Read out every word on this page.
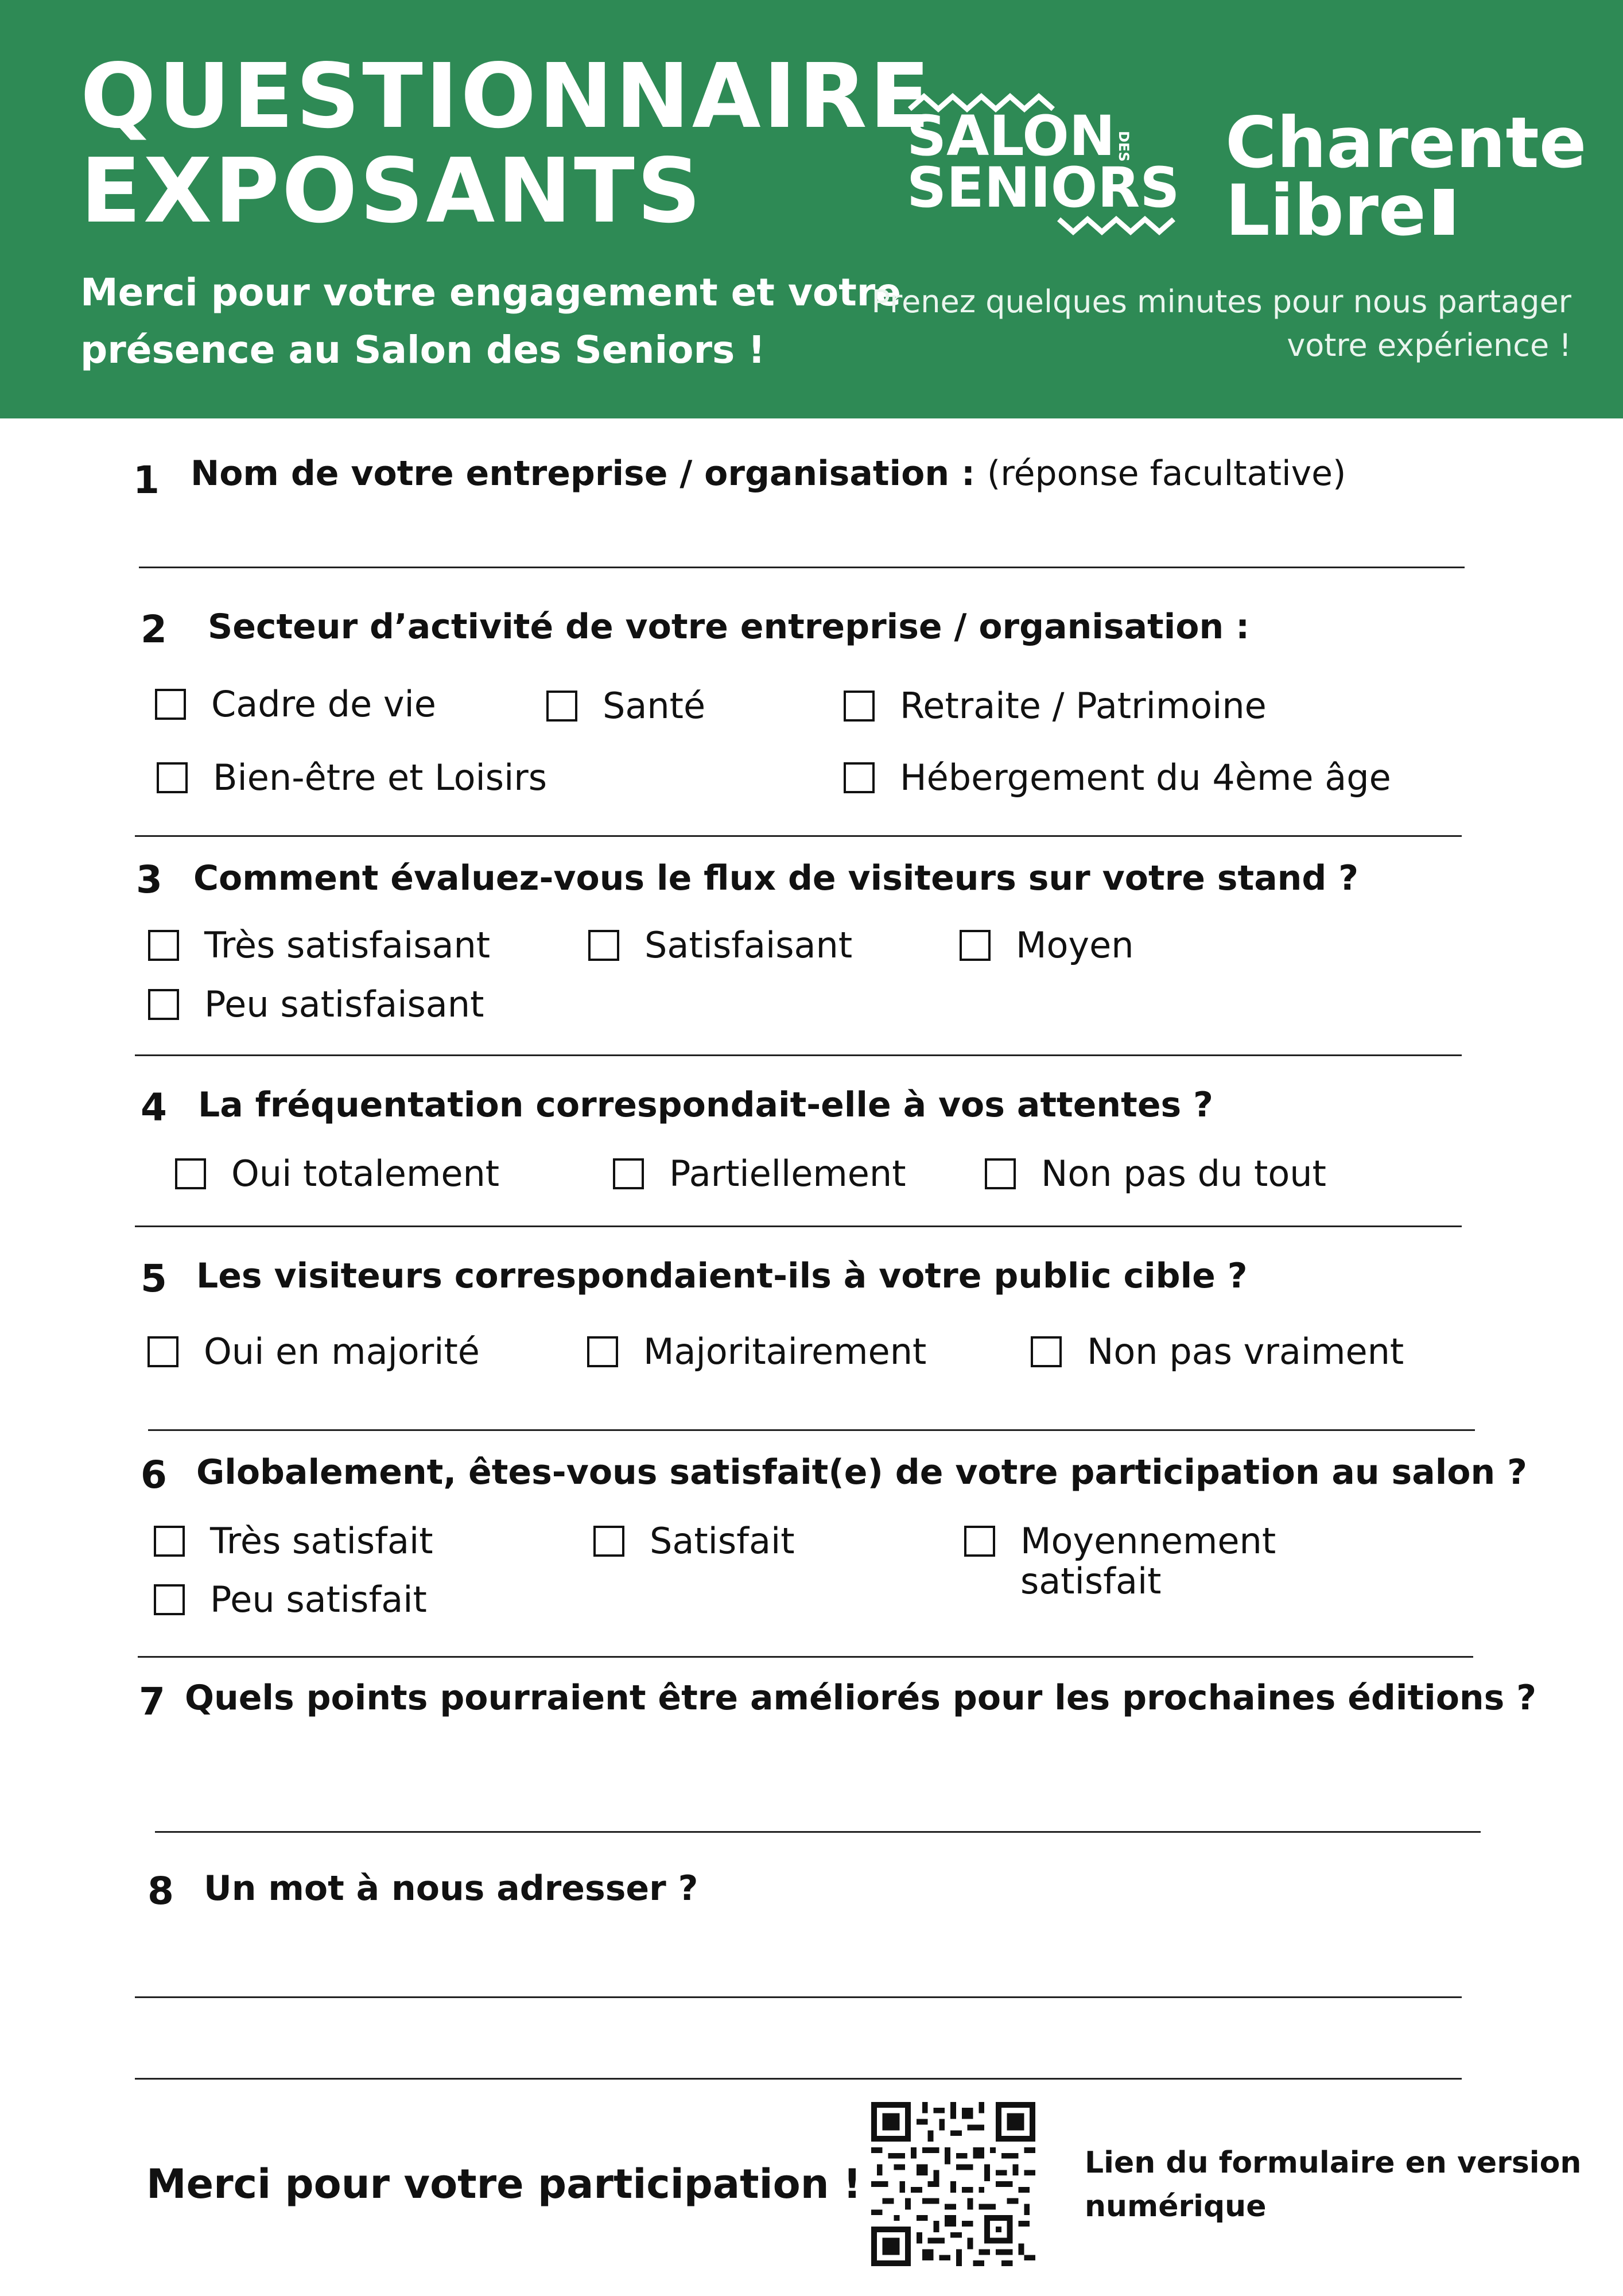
QUESTIONNAIRE
EXPOSANTS
Merci pour votre engagement et votre
présence au Salon des Seniors !
Prenez quelques minutes pour nous partager
votre expérience !
SALON DES
SENIORS
Charente
Libre
1 Nom de votre entreprise / organisation : (réponse facultative)
2 Secteur d’activité de votre entreprise / organisation :
Cadre de vie	Santé	Retraite / Patrimoine
Bien-être et Loisirs	Hébergement du 4ème âge
3 Comment évaluez-vous le flux de visiteurs sur votre stand ?
Très satisfaisant	Satisfaisant	Moyen
Peu satisfaisant
4 La fréquentation correspondait-elle à vos attentes ?
Oui totalement	Partiellement	Non pas du tout
5 Les visiteurs correspondaient-ils à votre public cible ?
Oui en majorité	Majoritairement	Non pas vraiment
6 Globalement, êtes-vous satisfait(e) de votre participation au salon ?
Très satisfait	Satisfait	Moyennement
satisfait
Peu satisfait
7 Quels points pourraient être améliorés pour les prochaines éditions ?
8 Un mot à nous adresser ?
Merci pour votre participation !	Lien du formulaire en version
numérique
